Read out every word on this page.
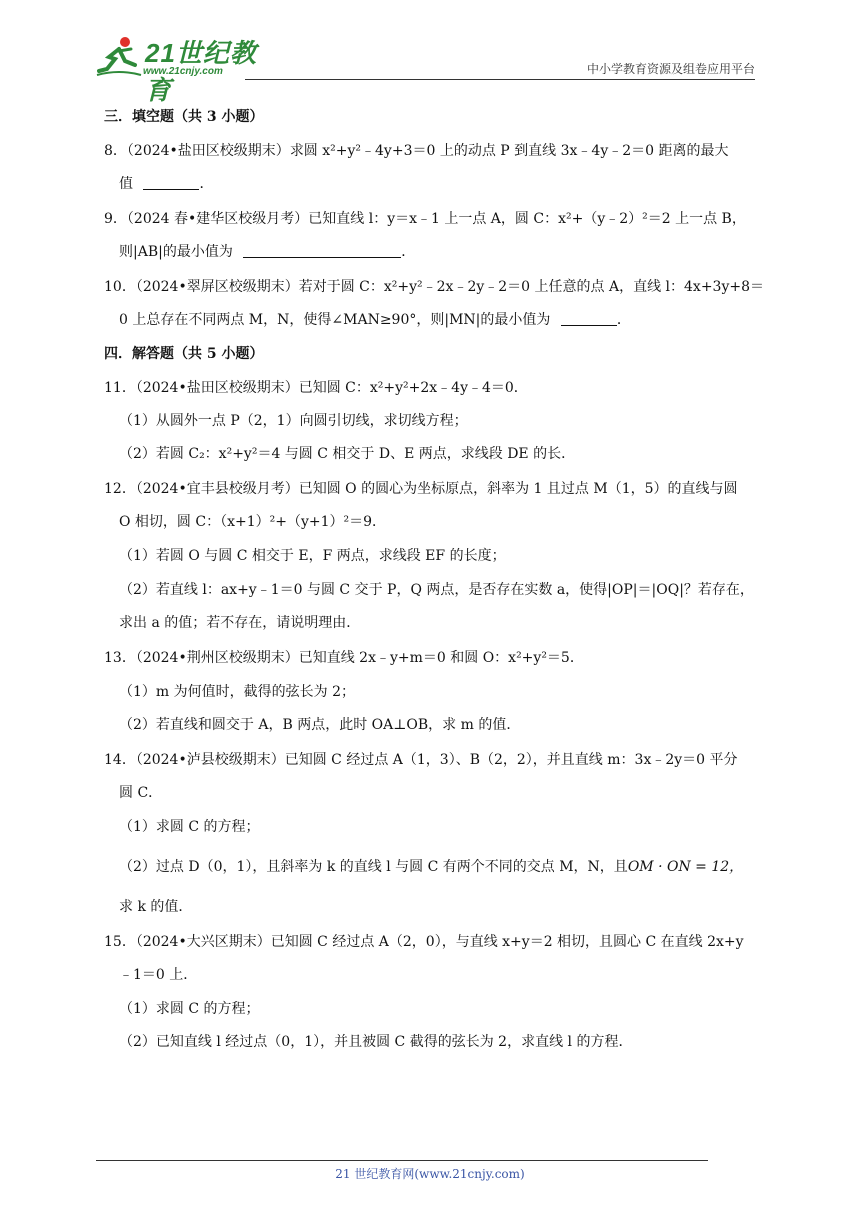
21世纪教育
www.21cnjy.com	中小学教育资源及组卷应用平台
三．填空题（共 3 小题）
8．（2024•盐田区校级期末）求圆 x²+y²﹣4y+3＝0 上的动点 P 到直线 3x﹣4y﹣2＝0 距离的最大
值	．
9．（2024 春•建华区校级月考）已知直线 l：y＝x﹣1 上一点 A，圆 C：x²+（y﹣2）²＝2 上一点 B，
则|AB|的最小值为	．
10．（2024•翠屏区校级期末）若对于圆 C：x²+y²﹣2x﹣2y﹣2＝0 上任意的点 A，直线 l：4x+3y+8＝
0 上总存在不同两点 M，N，使得∠MAN≥90°，则|MN|的最小值为	．
四．解答题（共 5 小题）
11．（2024•盐田区校级期末）已知圆 C：x²+y²+2x﹣4y﹣4＝0．
（1）从圆外一点 P（2，1）向圆引切线，求切线方程；
（2）若圆 C₂：x²+y²＝4 与圆 C 相交于 D、E 两点，求线段 DE 的长．
12．（2024•宜丰县校级月考）已知圆 O 的圆心为坐标原点，斜率为 1 且过点 M（1，5）的直线与圆
O 相切，圆 C：（x+1）²+（y+1）²＝9．
（1）若圆 O 与圆 C 相交于 E，F 两点，求线段 EF 的长度；
（2）若直线 l：ax+y﹣1＝0 与圆 C 交于 P，Q 两点，是否存在实数 a，使得|OP|＝|OQ|？若存在，
求出 a 的值；若不存在，请说明理由．
13．（2024•荆州区校级期末）已知直线 2x﹣y+m＝0 和圆 O：x²+y²＝5．
（1）m 为何值时，截得的弦长为 2；
（2）若直线和圆交于 A，B 两点，此时 OA⊥OB，求 m 的值．
14．（2024•泸县校级期末）已知圆 C 经过点 A（1，3）、B（2，2），并且直线 m：3x﹣2y＝0 平分
圆 C．
（1）求圆 C 的方程；
（2）过点 D（0，1），且斜率为 k 的直线 l 与圆 C 有两个不同的交点 M，N，且OM · ON = 12，
求 k 的值．
15．（2024•大兴区期末）已知圆 C 经过点 A（2，0），与直线 x+y＝2 相切，且圆心 C 在直线 2x+y
﹣1＝0 上．
（1）求圆 C 的方程；
（2）已知直线 l 经过点（0，1），并且被圆 C 截得的弦长为 2，求直线 l 的方程．
21 世纪教育网(www.21cnjy.com)
